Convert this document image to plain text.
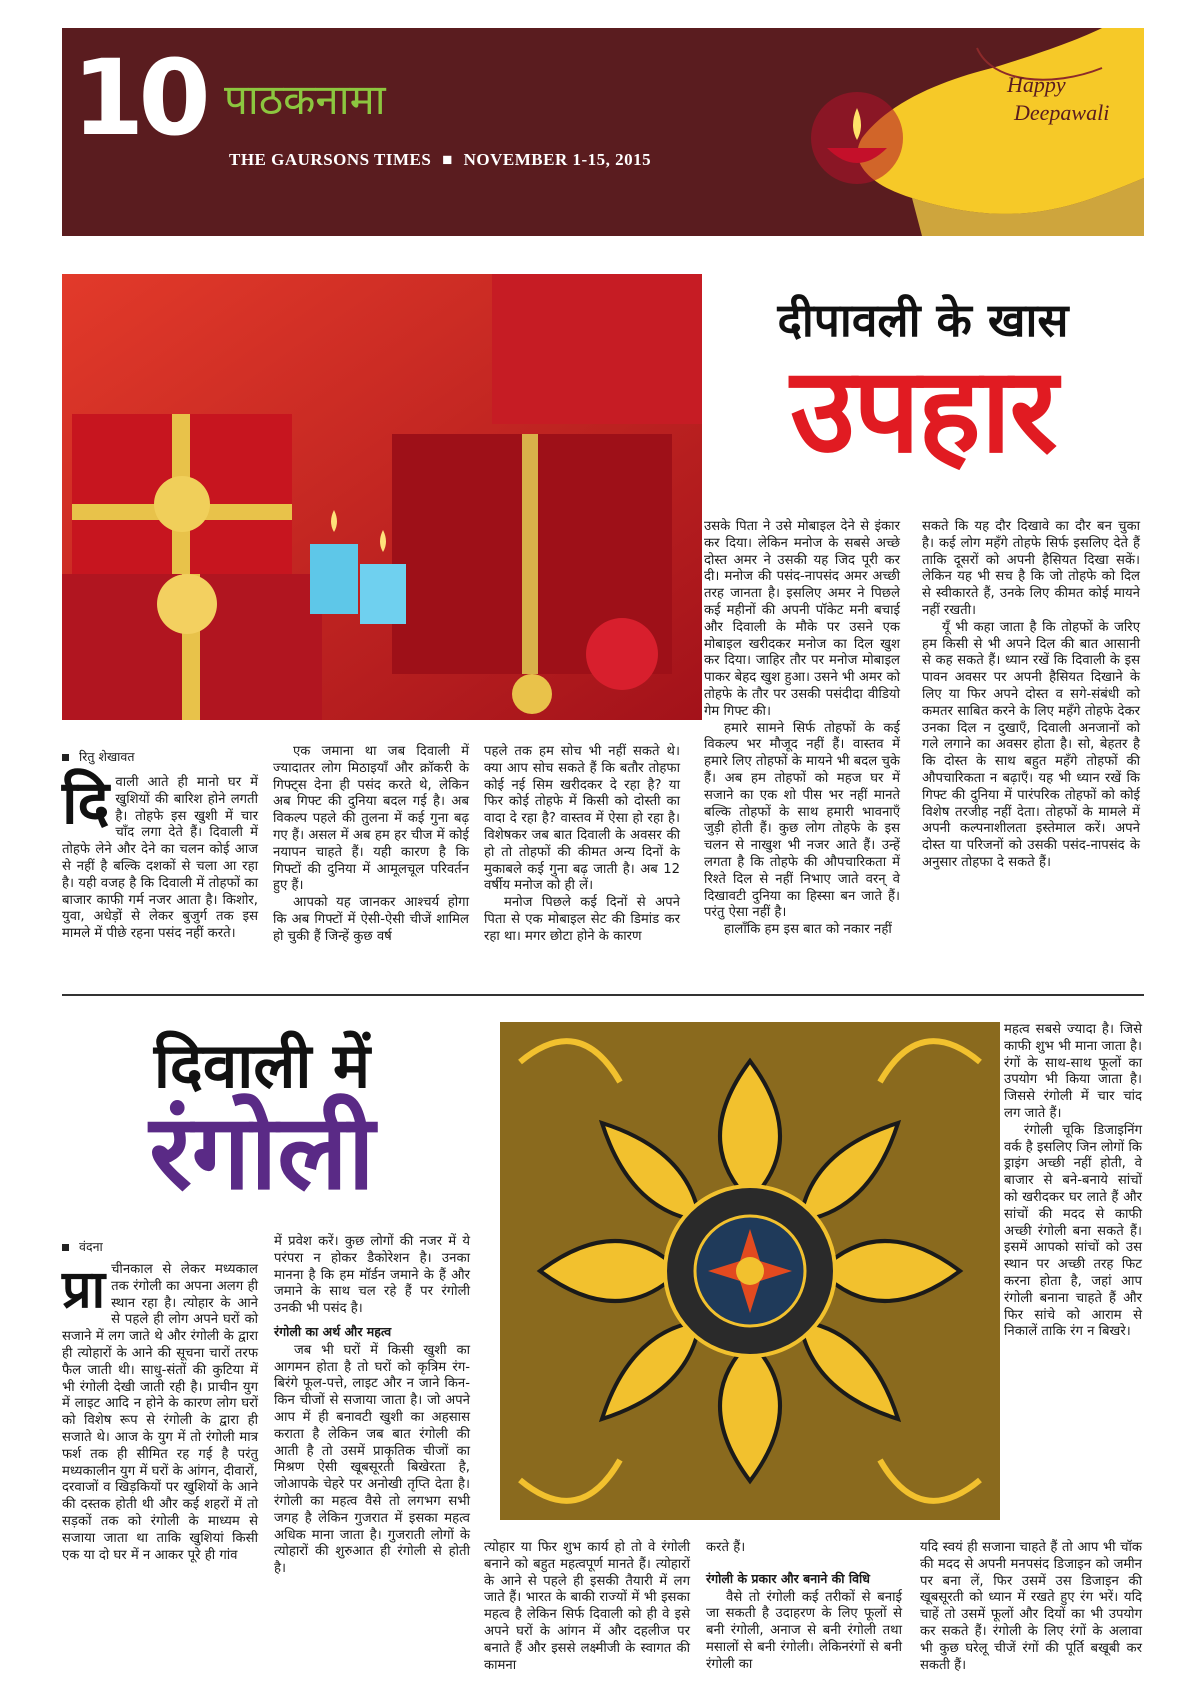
10 पाठकनामा
THE GAURSONS TIMES ■ NOVEMBER 1-15, 2015
Happy
Deepawali
दीपावली के खास
उपहार
रितु शेखावत
दिवाली आते ही मानो घर में खुशियों की बारिश होने लगती है। तोहफे इस खुशी में चार चाँद लगा देते हैं। दिवाली में तोहफे लेने और देने का चलन कोई आज से नहीं है बल्कि दशकों से चला आ रहा है। यही वजह है कि दिवाली में तोहफों का बाजार काफी गर्म नजर आता है। किशोर, युवा, अधेड़ों से लेकर बुजुर्ग तक इस मामले में पीछे रहना पसंद नहीं करते।

एक जमाना था जब दिवाली में ज्यादातर लोग मिठाइयाँ और क्रॉकरी के गिफ्ट्स देना ही पसंद करते थे, लेकिन अब गिफ्ट की दुनिया बदल गई है। अब विकल्प पहले की तुलना में कई गुना बढ़ गए हैं। असल में अब हम हर चीज में कोई नयापन चाहते हैं। यही कारण है कि गिफ्टों की दुनिया में आमूलचूल परिवर्तन हुए हैं।

आपको यह जानकर आश्चर्य होगा कि अब गिफ्टों में ऐसी-ऐसी चीजें शामिल हो चुकी हैं जिन्हें कुछ वर्ष

पहले तक हम सोच भी नहीं सकते थे। क्या आप सोच सकते हैं कि बतौर तोहफा कोई नई सिम खरीदकर दे रहा है? या फिर कोई तोहफे में किसी को दोस्ती का वादा दे रहा है? वास्तव में ऐसा हो रहा है। विशेषकर जब बात दिवाली के अवसर की हो तो तोहफों की कीमत अन्य दिनों के मुकाबले कई गुना बढ़ जाती है। अब 12 वर्षीय मनोज को ही लें।

मनोज पिछले कई दिनों से अपने पिता से एक मोबाइल सेट की डिमांड कर रहा था। मगर छोटा होने के कारण

उसके पिता ने उसे मोबाइल देने से इंकार कर दिया। लेकिन मनोज के सबसे अच्छे दोस्त अमर ने उसकी यह जिद पूरी कर दी। मनोज की पसंद-नापसंद अमर अच्छी तरह जानता है। इसलिए अमर ने पिछले कई महीनों की अपनी पॉकेट मनी बचाई और दिवाली के मौके पर उसने एक मोबाइल खरीदकर मनोज का दिल खुश कर दिया। जाहिर तौर पर मनोज मोबाइल पाकर बेहद खुश हुआ। उसने भी अमर को तोहफे के तौर पर उसकी पसंदीदा वीडियो गेम गिफ्ट की।

हमारे सामने सिर्फ तोहफों के कई विकल्प भर मौजूद नहीं हैं। वास्तव में हमारे लिए तोहफों के मायने भी बदल चुके हैं। अब हम तोहफों को महज घर में सजाने का एक शो पीस भर नहीं मानते बल्कि तोहफों के साथ हमारी भावनाएँ जुड़ी होती हैं। कुछ लोग तोहफे के इस चलन से नाखुश भी नजर आते हैं। उन्हें लगता है कि तोहफे की औपचारिकता में रिश्ते दिल से नहीं निभाए जाते वरन् वे दिखावटी दुनिया का हिस्सा बन जाते हैं। परंतु ऐसा नहीं है।

हालाँकि हम इस बात को नकार नहीं

सकते कि यह दौर दिखावे का दौर बन चुका है। कई लोग महँगे तोहफे सिर्फ इसलिए देते हैं ताकि दूसरों को अपनी हैसियत दिखा सकें। लेकिन यह भी सच है कि जो तोहफे को दिल से स्वीकारते हैं, उनके लिए कीमत कोई मायने नहीं रखती।

यूँ भी कहा जाता है कि तोहफों के जरिए हम किसी से भी अपने दिल की बात आसानी से कह सकते हैं। ध्यान रखें कि दिवाली के इस पावन अवसर पर अपनी हैसियत दिखाने के लिए या फिर अपने दोस्त व सगे-संबंधी को कमतर साबित करने के लिए महँगे तोहफे देकर उनका दिल न दुखाएँ, दिवाली अनजानों को गले लगाने का अवसर होता है। सो, बेहतर है कि दोस्त के साथ बहुत महँगे तोहफों की औपचारिकता न बढ़ाएँ। यह भी ध्यान रखें कि गिफ्ट की दुनिया में पारंपरिक तोहफों को कोई विशेष तरजीह नहीं देता। तोहफों के मामले में अपनी कल्पनाशीलता इस्तेमाल करें। अपने दोस्त या परिजनों को उसकी पसंद-नापसंद के अनुसार तोहफा दे सकते हैं।

दिवाली में
रंगोली
वंदना
प्रा चीनकाल से लेकर मध्यकाल तक रंगोली का अपना अलग ही स्थान रहा है। त्योहार के आने से पहले ही लोग अपने घरों को सजाने में लग जाते थे और रंगोली के द्वारा ही त्योहारों के आने की सूचना चारों तरफ फैल जाती थी। साधु-संतों की कुटिया में भी रंगोली देखी जाती रही है। प्राचीन युग में लाइट आदि न होने के कारण लोग घरों को विशेष रूप से रंगोली के द्वारा ही सजाते थे। आज के युग में तो रंगोली मात्र फर्श तक ही सीमित रह गई है परंतु मध्यकालीन युग में घरों के आंगन, दीवारों, दरवाजों व खिड़कियों पर खुशियों के आने की दस्तक होती थी और कई शहरों में तो सड़कों तक को रंगोली के माध्यम से सजाया जाता था ताकि खुशियां किसी एक या दो घर में न आकर पूरे ही गांव

में प्रवेश करें। कुछ लोगों की नजर में ये परंपरा न होकर डैकोरेशन है। उनका मानना है कि हम मॉर्डन जमाने के हैं और जमाने के साथ चल रहे हैं पर रंगोली उनकी भी पसंद है।

रंगोली का अर्थ और महत्व

जब भी घरों में किसी खुशी का आगमन होता है तो घरों को कृत्रिम रंग-बिरंगे फूल-पत्ते, लाइट और न जाने किन-किन चीजों से सजाया जाता है। जो अपने आप में ही बनावटी खुशी का अहसास कराता है लेकिन जब बात रंगोली की आती है तो उसमें प्राकृतिक चीजों का मिश्रण ऐसी खूबसूरती बिखेरता है, जोआपके चेहरे पर अनोखी तृप्ति देता है। रंगोली का महत्व वैसे तो लगभग सभी जगह है लेकिन गुजरात में इसका महत्व अधिक माना जाता है। गुजराती लोगों के त्योहारों की शुरुआत ही रंगोली से होती है।

त्योहार या फिर शुभ कार्य हो तो वे रंगोली बनाने को बहुत महत्वपूर्ण मानते हैं। त्योहारों के आने से पहले ही इसकी तैयारी में लग जाते हैं। भारत के बाकी राज्यों में भी इसका महत्व है लेकिन सिर्फ दिवाली को ही वे इसे अपने घरों के आंगन में और दहलीज पर बनाते हैं और इससे लक्ष्मीजी के स्वागत की कामना

करते हैं।

रंगोली के प्रकार और बनाने की विधि

वैसे तो रंगोली कई तरीकों से बनाई जा सकती है उदाहरण के लिए फूलों से बनी रंगोली, अनाज से बनी रंगोली तथा मसालों से बनी रंगोली। लेकिनरंगों से बनी रंगोली का

महत्व सबसे ज्यादा है। जिसे काफी शुभ भी माना जाता है। रंगों के साथ-साथ फूलों का उपयोग भी किया जाता है। जिससे रंगोली में चार चांद लग जाते हैं।

रंगोली चूकि डिजाइनिंग वर्क है इसलिए जिन लोगों कि ड्राइंग अच्छी नहीं होती, वे बाजार से बने-बनाये सांचों को खरीदकर घर लाते हैं और सांचों की मदद से काफी अच्छी रंगोली बना सकते हैं। इसमें आपको सांचों को उस स्थान पर अच्छी तरह फिट करना होता है, जहां आप रंगोली बनाना चाहते हैं और फिर सांचे को आराम से निकालें ताकि रंग न बिखरे।

यदि स्वयं ही सजाना चाहते हैं तो आप भी चॉक की मदद से अपनी मनपसंद डिजाइन को जमीन पर बना लें, फिर उसमें उस डिजाइन की खूबसूरती को ध्यान में रखते हुए रंग भरें। यदि चाहें तो उसमें फूलों और दियों का भी उपयोग कर सकते हैं। रंगोली के लिए रंगों के अलावा भी कुछ घरेलू चीजें रंगों की पूर्ति बखूबी कर सकती हैं।
